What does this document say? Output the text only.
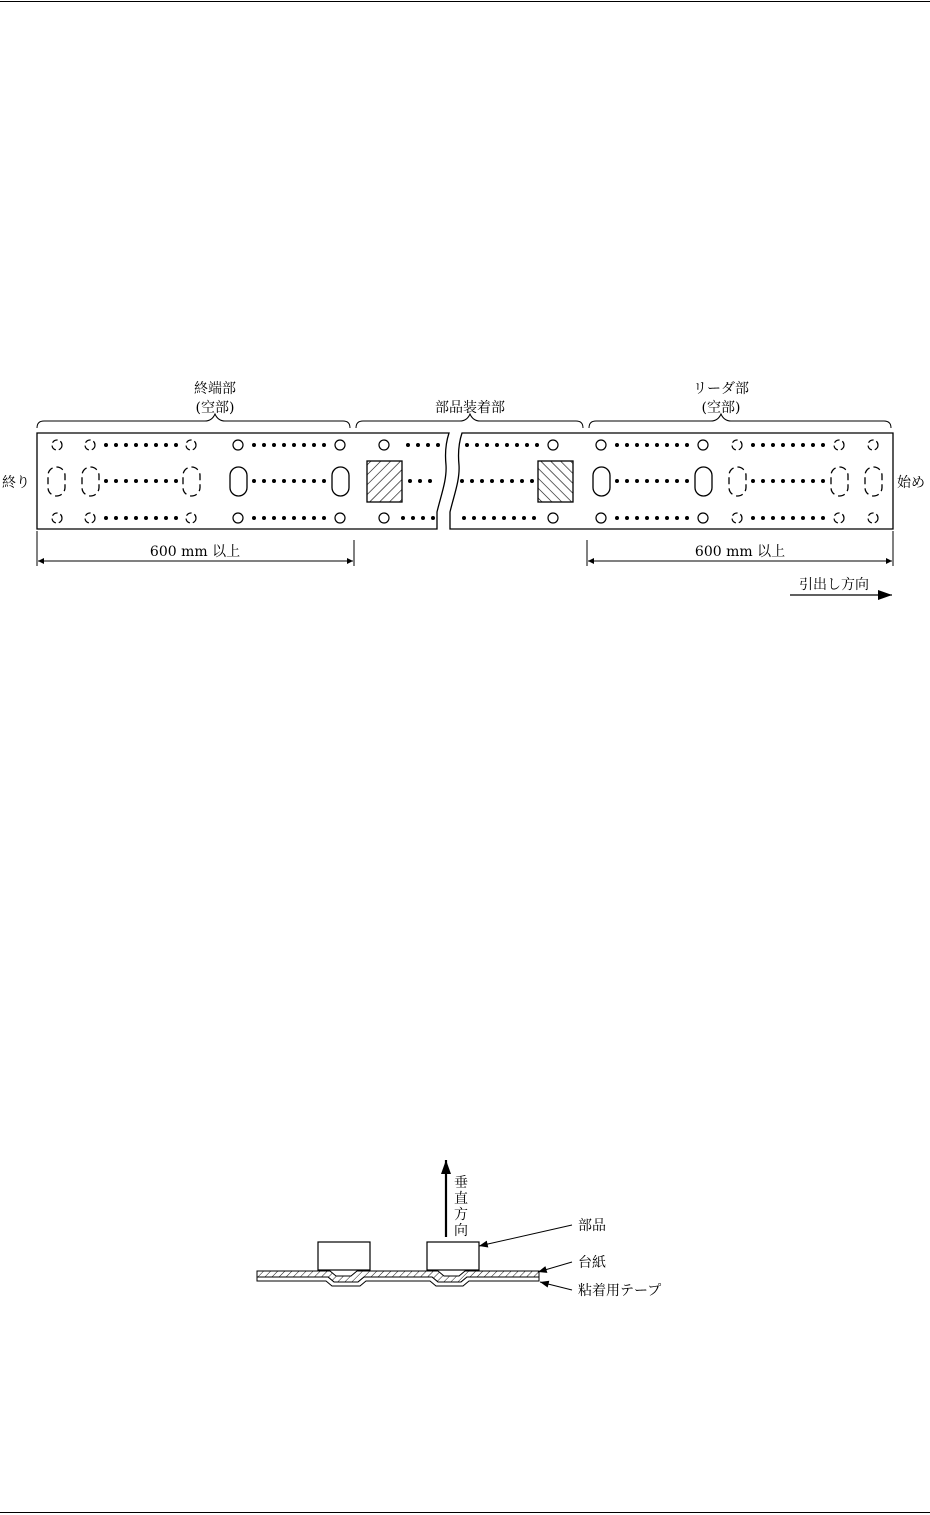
終端部
(空部)	部品装着部
リーダ部
(空部)
終り	始め
600 mm 以上	600 mm 以上
引出し方向
垂
直
方
向	部品
台紙
粘着用テープ
